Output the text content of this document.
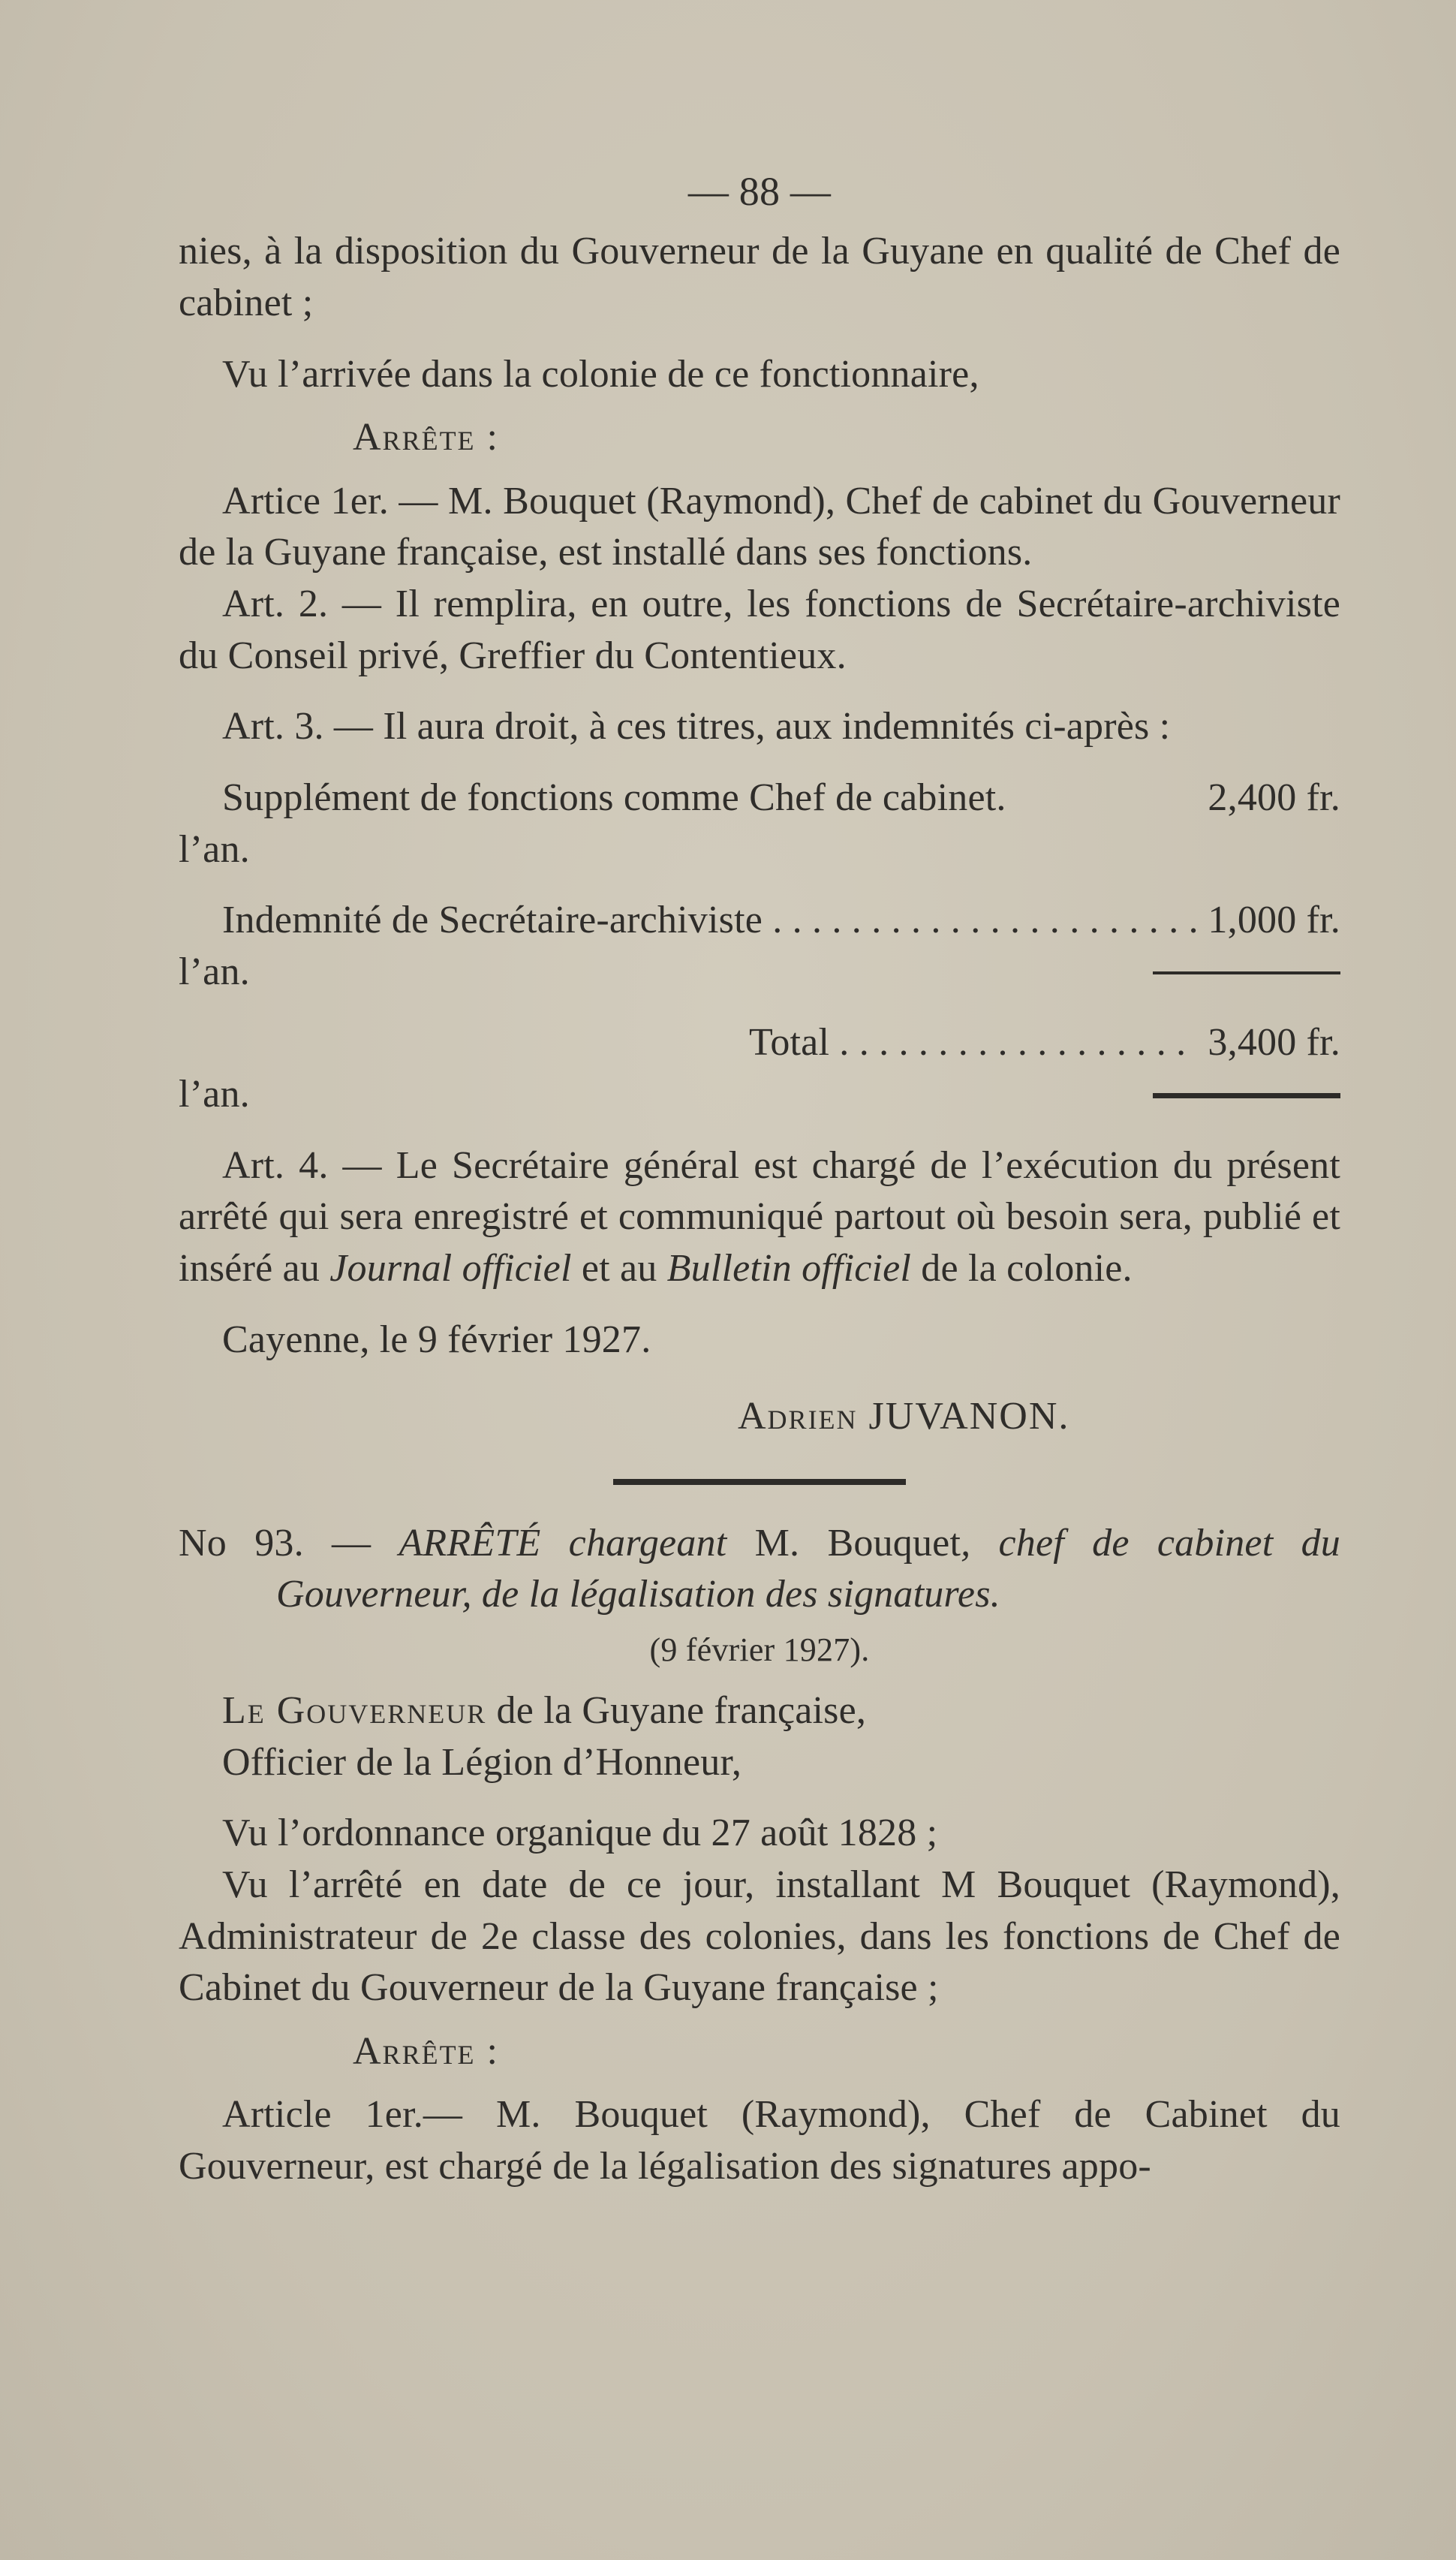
— 88 —

nies, à la disposition du Gouverneur de la Guyane en qualité de Chef de cabinet ;

Vu l’arrivée dans la colonie de ce fonctionnaire,

Arrête :

Artice 1er. — M. Bouquet (Raymond), Chef de cabinet du Gouverneur de la Guyane française, est installé dans ses fonctions.

Art. 2. — Il remplira, en outre, les fonctions de Secrétaire-archiviste du Conseil privé, Greffier du Contentieux.

Art. 3. — Il aura droit, à ces titres, aux indemnités ci-après :

Supplément de fonctions comme Chef de cabinet.	2,400 fr.
l’an.
Indemnité de Secrétaire-archiviste . . .	1,000 fr.
l’an.
Total . . .	3,400 fr.
l’an.

Art. 4. — Le Secrétaire général est chargé de l’exécution du présent arrêté qui sera enregistré et communiqué partout où besoin sera, publié et inséré au Journal officiel et au Bulletin officiel de la colonie.

Cayenne, le 9 février 1927.

Adrien JUVANON.

No 93. — ARRÊTÉ chargeant M. Bouquet, chef de cabinet du Gouverneur, de la légalisation des signatures.

(9 février 1927).

Le Gouverneur de la Guyane française,

Officier de la Légion d’Honneur,

Vu l’ordonnance organique du 27 août 1828 ;

Vu l’arrêté en date de ce jour, installant M Bouquet (Raymond), Administrateur de 2e classe des colonies, dans les fonctions de Chef de Cabinet du Gouverneur de la Guyane française ;

Arrête :

Article 1er.— M. Bouquet (Raymond), Chef de Cabinet du Gouverneur, est chargé de la légalisation des signatures appo-
